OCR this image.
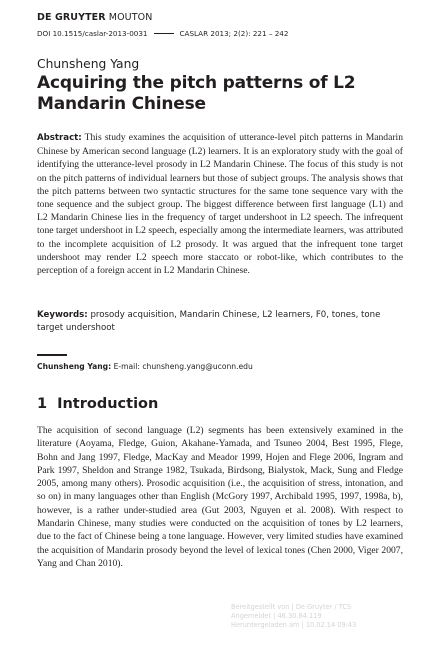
DE GRUYTER MOUTON
DOI 10.1515/caslar-2013-0031	CASLAR 2013; 2(2): 221 – 242
Chunsheng Yang
Acquiring the pitch patterns of L2
Mandarin Chinese
Abstract: This study examines the acquisition of utterance-level pitch patterns in Mandarin Chinese by American second language (L2) learners. It is an exploratory study with the goal of identifying the utterance-level prosody in L2 Mandarin Chinese. The focus of this study is not on the pitch patterns of individual learners but those of subject groups. The analysis shows that the pitch patterns between two syntactic structures for the same tone sequence vary with the tone sequence and the subject group. The biggest difference between first language (L1) and L2 Mandarin Chinese lies in the frequency of target undershoot in L2 speech. The infrequent tone target undershoot in L2 speech, especially among the intermediate learners, was attributed to the incomplete acquisition of L2 prosody. It was argued that the infrequent tone target undershoot may render L2 speech more staccato or robot-like, which contributes to the perception of a foreign accent in L2 Mandarin Chinese.
Keywords: prosody acquisition, Mandarin Chinese, L2 learners, F0, tones, tone target undershoot
Chunsheng Yang: E-mail: chunsheng.yang@uconn.edu
1 Introduction
The acquisition of second language (L2) segments has been extensively examined in the literature (Aoyama, Fledge, Guion, Akahane-Yamada, and Tsuneo 2004, Best 1995, Flege, Bohn and Jang 1997, Fledge, MacKay and Meador 1999, Hojen and Flege 2006, Ingram and Park 1997, Sheldon and Strange 1982, Tsukada, Birdsong, Bialystok, Mack, Sung and Fledge 2005, among many others). Prosodic acquisition (i.e., the acquisition of stress, intonation, and so on) in many languages other than English (McGory 1997, Archibald 1995, 1997, 1998a, b), however, is a rather under-studied area (Gut 2003, Nguyen et al. 2008). With respect to Mandarin Chinese, many studies were conducted on the acquisition of tones by L2 learners, due to the fact of Chinese being a tone language. However, very limited studies have examined the acquisition of Mandarin prosody beyond the level of lexical tones (Chen 2000, Viger 2007, Yang and Chan 2010).
Bereitgestellt von | De Gruyter / TCS
Angemeldet | 46.30.84.119
Heruntergeladen am | 10.02.14 09:43
